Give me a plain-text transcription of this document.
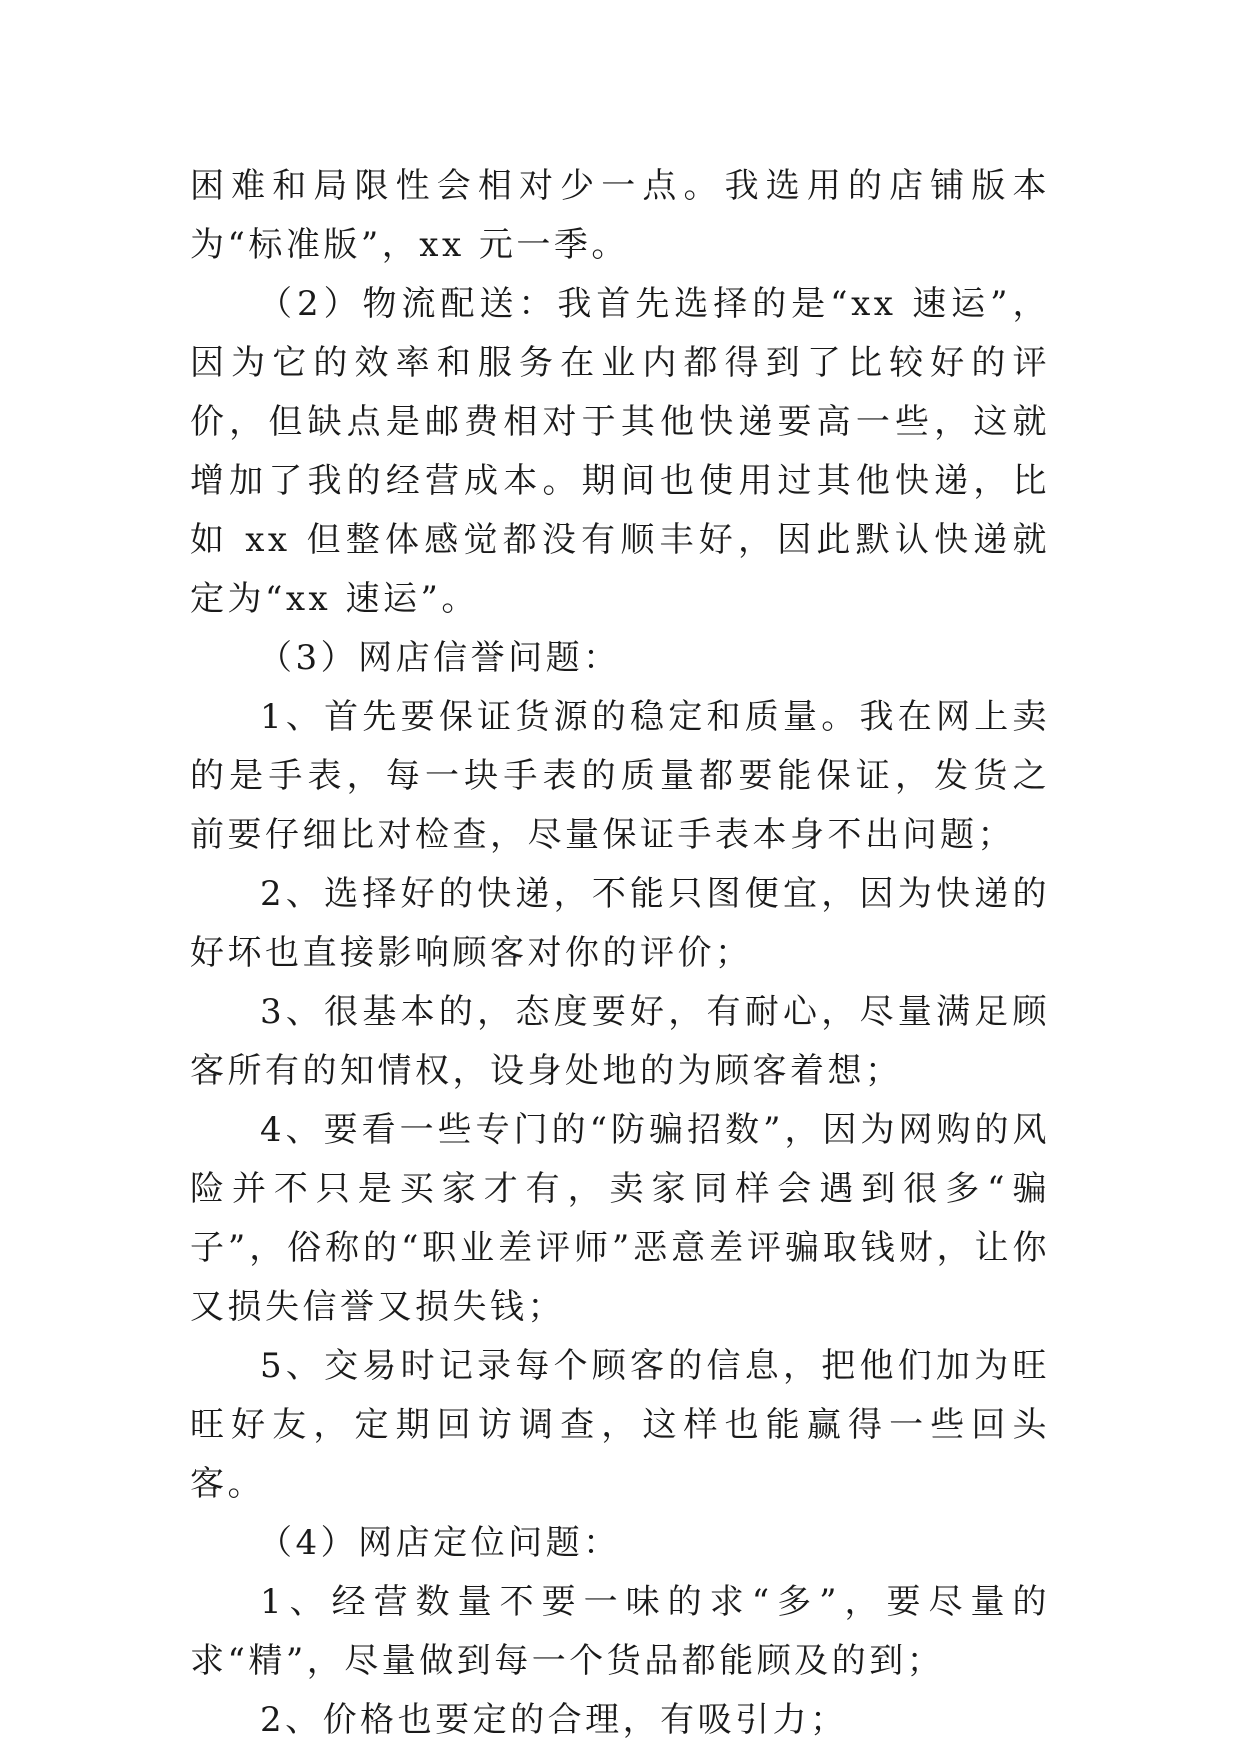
困难和局限性会相对少一点。我选用的店铺版本为“标准版”，xx 元一季。

（2）物流配送：我首先选择的是“xx 速运”，因为它的效率和服务在业内都得到了比较好的评价，但缺点是邮费相对于其他快递要高一些，这就增加了我的经营成本。期间也使用过其他快递，比如 xx 但整体感觉都没有顺丰好，因此默认快递就定为“xx 速运”。

（3）网店信誉问题：

1、首先要保证货源的稳定和质量。我在网上卖的是手表，每一块手表的质量都要能保证，发货之前要仔细比对检查，尽量保证手表本身不出问题；

2、选择好的快递，不能只图便宜，因为快递的好坏也直接影响顾客对你的评价；

3、很基本的，态度要好，有耐心，尽量满足顾客所有的知情权，设身处地的为顾客着想；

4、要看一些专门的“防骗招数”，因为网购的风险并不只是买家才有，卖家同样会遇到很多“骗子”，俗称的“职业差评师”恶意差评骗取钱财，让你又损失信誉又损失钱；

5、交易时记录每个顾客的信息，把他们加为旺旺好友，定期回访调查，这样也能赢得一些回头客。

（4）网店定位问题：

1、经营数量不要一味的求“多”，要尽量的求“精”，尽量做到每一个货品都能顾及的到；

2、价格也要定的合理，有吸引力；
